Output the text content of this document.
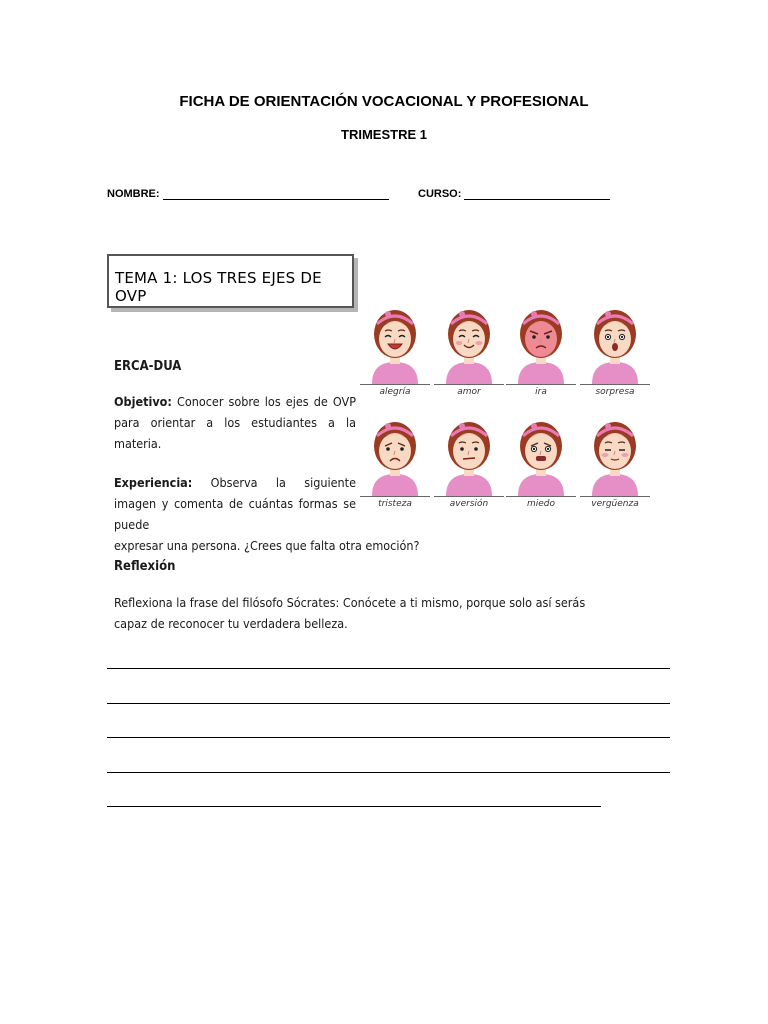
FICHA DE ORIENTACIÓN VOCACIONAL Y PROFESIONAL
TRIMESTRE 1
NOMBRE:	CURSO:
TEMA 1: LOS TRES EJES DE OVP
ERCA-DUA
Objetivo: Conocer sobre los ejes de OVP para orientar a los estudiantes a la materia.
Experiencia: Observa la siguiente imagen y comenta de cuántas formas se puede
expresar una persona. ¿Crees que falta otra emoción?
Reflexión
Reflexiona la frase del filósofo Sócrates: Conócete a ti mismo, porque solo así serás capaz de reconocer tu verdadera belleza.
alegría	amor	ira	sorpresa
tristeza	aversión	miedo	vergüenza
